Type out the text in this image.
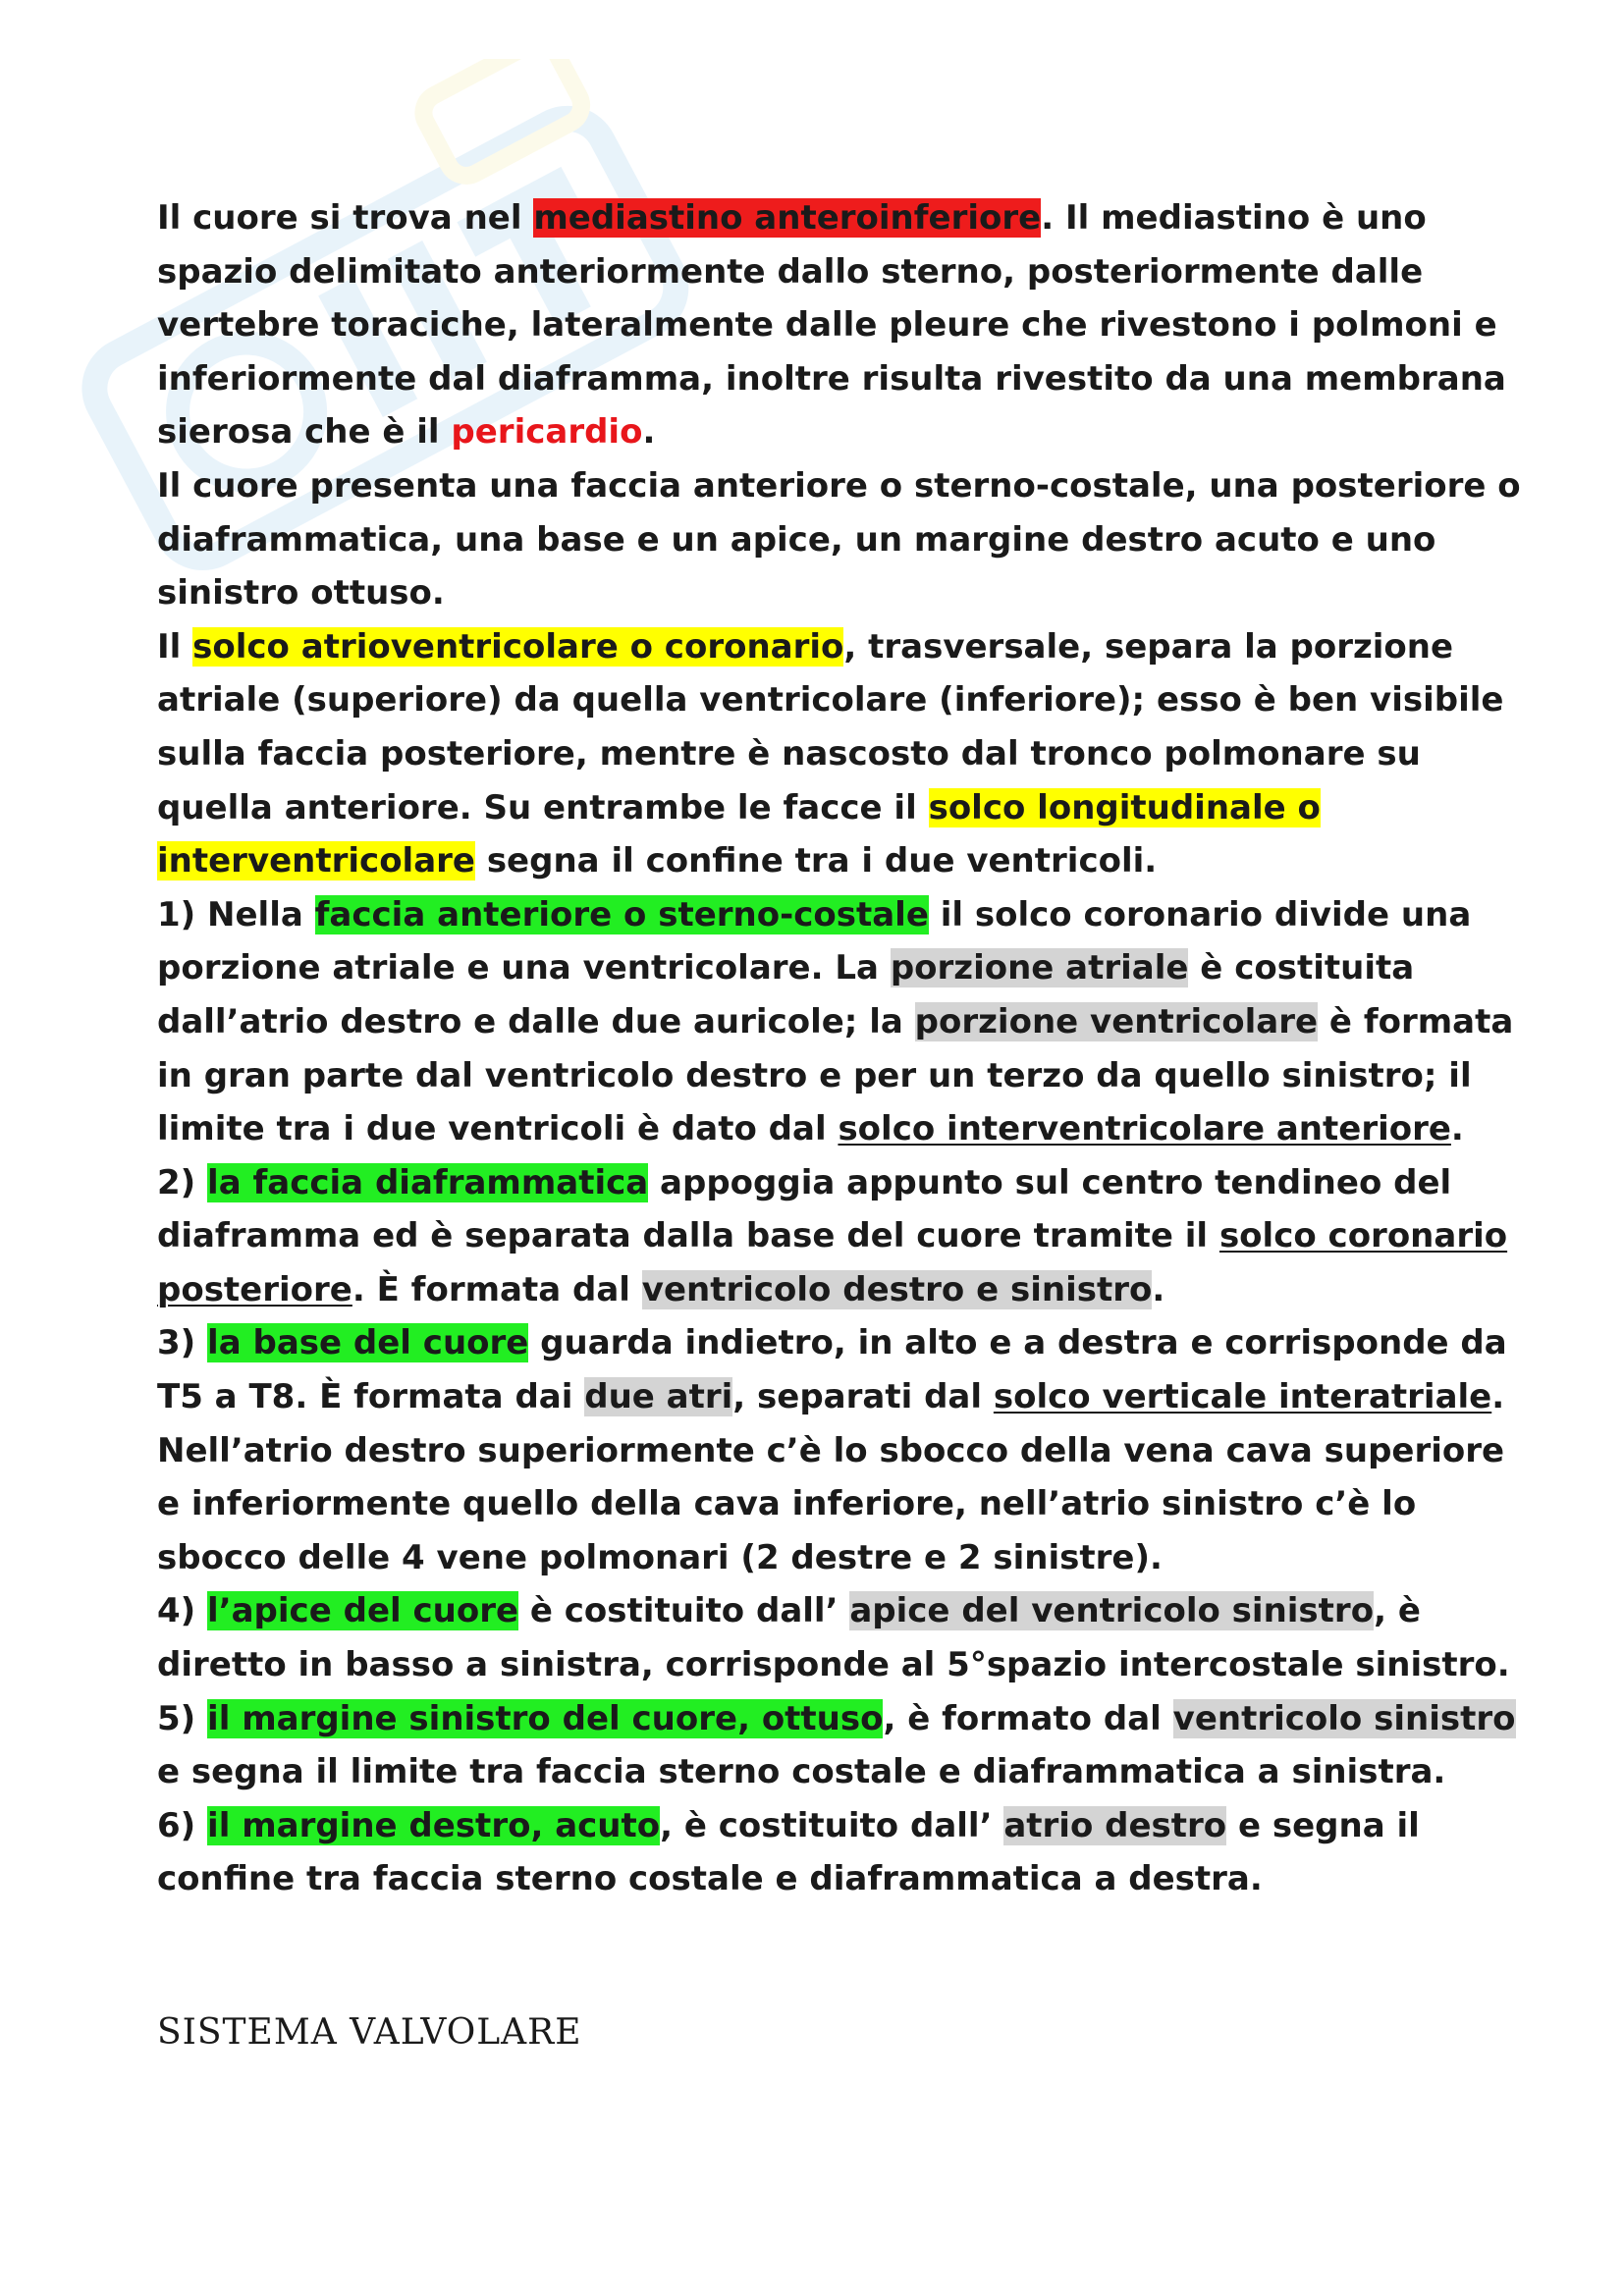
Il cuore si trova nel mediastino anteroinferiore. Il mediastino è uno spazio delimitato anteriormente dallo sterno, posteriormente dalle vertebre toraciche, lateralmente dalle pleure che rivestono i polmoni e inferiormente dal diaframma, inoltre risulta rivestito da una membrana sierosa che è il pericardio.

Il cuore presenta una faccia anteriore o sterno-costale, una posteriore o diaframmatica, una base e un apice, un margine destro acuto e uno sinistro ottuso.

Il solco atrioventricolare o coronario, trasversale, separa la porzione atriale (superiore) da quella ventricolare (inferiore); esso è ben visibile sulla faccia posteriore, mentre è nascosto dal tronco polmonare su quella anteriore. Su entrambe le facce il solco longitudinale o interventricolare segna il confine tra i due ventricoli.

1) Nella faccia anteriore o sterno-costale il solco coronario divide una porzione atriale e una ventricolare. La porzione atriale è costituita dall’atrio destro e dalle due auricole; la porzione ventricolare è formata in gran parte dal ventricolo destro e per un terzo da quello sinistro; il limite tra i due ventricoli è dato dal solco interventricolare anteriore.

2) la faccia diaframmatica appoggia appunto sul centro tendineo del diaframma ed è separata dalla base del cuore tramite il solco coronario posteriore. È formata dal ventricolo destro e sinistro.

3) la base del cuore guarda indietro, in alto e a destra e corrisponde da T5 a T8. È formata dai due atri, separati dal solco verticale interatriale. Nell’atrio destro superiormente c’è lo sbocco della vena cava superiore e inferiormente quello della cava inferiore, nell’atrio sinistro c’è lo sbocco delle 4 vene polmonari (2 destre e 2 sinistre).

4) l’apice del cuore è costituito dall’ apice del ventricolo sinistro, è diretto in basso a sinistra, corrisponde al 5°spazio intercostale sinistro.

5) il margine sinistro del cuore, ottuso, è formato dal ventricolo sinistro e segna il limite tra faccia sterno costale e diaframmatica a sinistra.

6) il margine destro, acuto, è costituito dall’ atrio destro e segna il confine tra faccia sterno costale e diaframmatica a destra.

SISTEMA VALVOLARE
